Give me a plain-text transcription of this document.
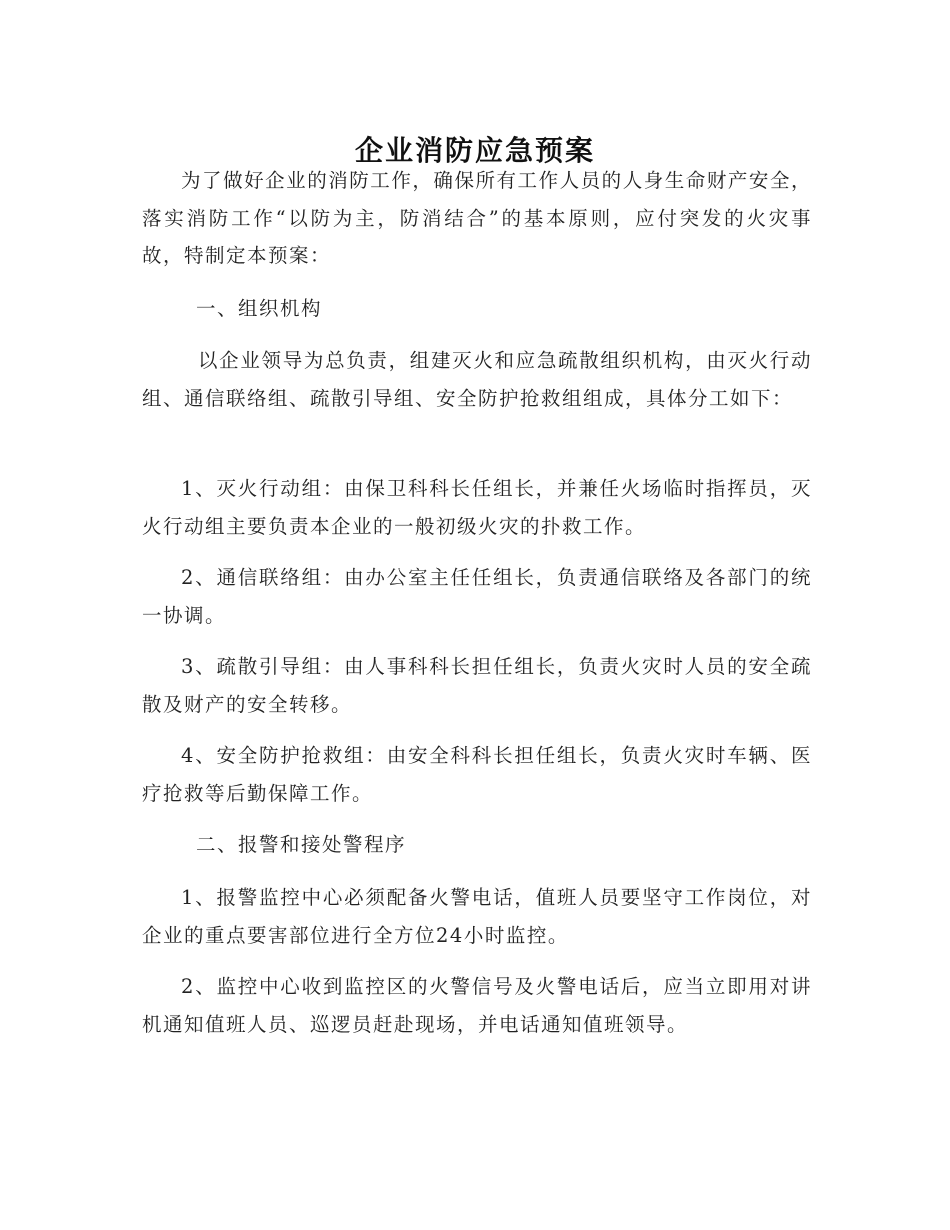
企业消防应急预案

为了做好企业的消防工作，确保所有工作人员的人身生命财产安全，落实消防工作“以防为主，防消结合”的基本原则，应付突发的火灾事故，特制定本预案：

一、组织机构

以企业领导为总负责，组建灭火和应急疏散组织机构，由灭火行动组、通信联络组、疏散引导组、安全防护抢救组组成，具体分工如下：

1、灭火行动组：由保卫科科长任组长，并兼任火场临时指挥员，灭火行动组主要负责本企业的一般初级火灾的扑救工作。

2、通信联络组：由办公室主任任组长，负责通信联络及各部门的统一协调。

3、疏散引导组：由人事科科长担任组长，负责火灾时人员的安全疏散及财产的安全转移。

4、安全防护抢救组：由安全科科长担任组长，负责火灾时车辆、医疗抢救等后勤保障工作。

二、报警和接处警程序

1、报警监控中心必须配备火警电话，值班人员要坚守工作岗位，对企业的重点要害部位进行全方位24小时监控。

2、监控中心收到监控区的火警信号及火警电话后，应当立即用对讲机通知值班人员、巡逻员赶赴现场，并电话通知值班领导。
